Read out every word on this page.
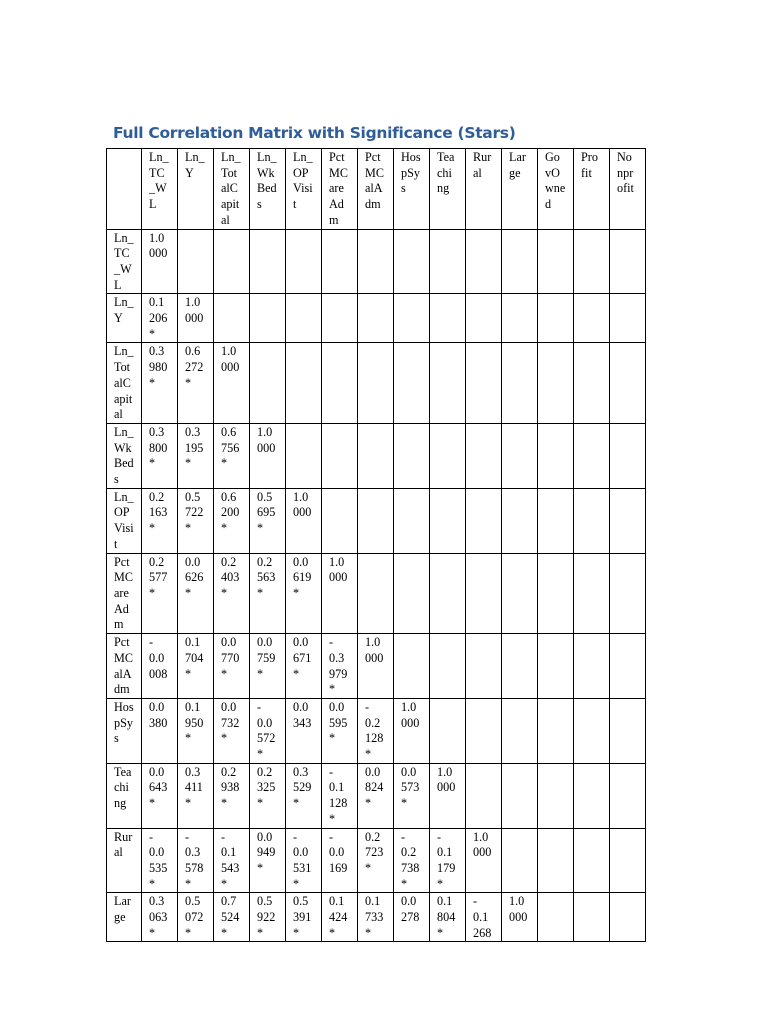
Full Correlation Matrix with Significance (Stars)

	Ln_
TC
_W
L	Ln_
Y	Ln_
Tot
alC
apit
al	Ln_
Wk
Bed
s	Ln_
OP
Visi
t	Pct
MC
are
Ad
m	Pct
MC
alA
dm	Hos
pSy
s	Tea
chi
ng	Rur
al	Lar
ge	Go
vO
wne
d	Pro
fit	No
npr
ofit

Ln_
TC
_W
L	1.0
000													

Ln_
Y	0.1
206
*	1.0
000												

Ln_
Tot
alC
apit
al	0.3
980
*	0.6
272
*	1.0
000											

Ln_
Wk
Bed
s	0.3
800
*	0.3
195
*	0.6
756
*	1.0
000										

Ln_
OP
Visi
t	0.2
163
*	0.5
722
*	0.6
200
*	0.5
695
*	1.0
000									

Pct
MC
are
Ad
m	0.2
577
*	0.0
626
*	0.2
403
*	0.2
563
*	0.0
619
*	1.0
000								

Pct
MC
alA
dm	-
0.0
008	0.1
704
*	0.0
770
*	0.0
759
*	0.0
671
*	-
0.3
979
*	1.0
000							

Hos
pSy
s	0.0
380	0.1
950
*	0.0
732
*	-
0.0
572
*	0.0
343	0.0
595
*	-
0.2
128
*	1.0
000						

Tea
chi
ng	0.0
643
*	0.3
411
*	0.2
938
*	0.2
325
*	0.3
529
*	-
0.1
128
*	0.0
824
*	0.0
573
*	1.0
000					

Rur
al	-
0.0
535
*	-
0.3
578
*	-
0.1
543
*	0.0
949
*	-
0.0
531
*	-
0.0
169	0.2
723
*	-
0.2
738
*	-
0.1
179
*	1.0
000				

Lar
ge	0.3
063
*	0.5
072
*	0.7
524
*	0.5
922
*	0.5
391
*	0.1
424
*	0.1
733
*	0.0
278	0.1
804
*	-
0.1
268	1.0
000			
